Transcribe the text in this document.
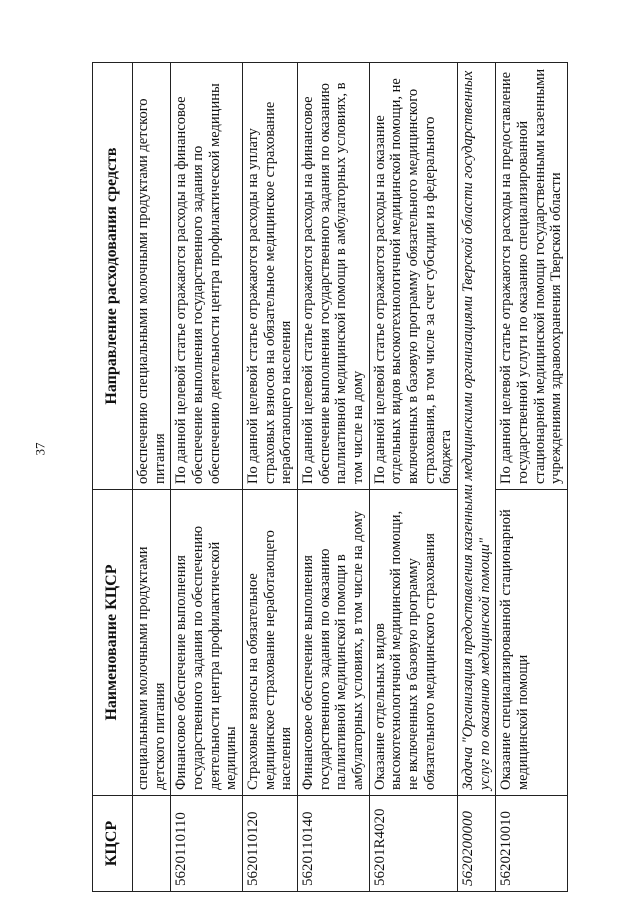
37
КЦСР	Наименование КЦСР	Направление расходования средств
	специальными молочными продуктами детского питания	обеспечению специальными молочными продуктами детского питания
5620110110	Финансовое обеспечение выполнения государственного задания по обеспечению деятельности центра профилактической медицины	По данной целевой статье отражаются расходы на финансовое обеспечение выполнения государственного задания по обеспечению деятельности центра профилактической медицины
5620110120	Страховые взносы на обязательное медицинское страхование неработающего населения	По данной целевой статье отражаются расходы на уплату страховых взносов на обязательное медицинское страхование неработающего населения
5620110140	Финансовое обеспечение выполнения государственного задания по оказанию паллиативной медицинской помощи в амбулаторных условиях, в том числе на дому	По данной целевой статье отражаются расходы на финансовое обеспечение выполнения государственного задания по оказанию паллиативной медицинской помощи в амбулаторных условиях, в том числе на дому
56201R4020	Оказание отдельных видов высокотехнологичной медицинской помощи, не включенных в базовую программу обязательного медицинского страхования	По данной целевой статье отражаются расходы на оказание отдельных видов высокотехнологичной медицинской помощи, не включенных в базовую программу обязательного медицинского страхования, в том числе за счет субсидии из федерального бюджета
5620200000	Задача "Организация предоставления казенными медицинскими организациями Тверской области государственных услуг по оказанию медицинской помощи"	
5620210010	Оказание специализированной стационарной медицинской помощи	По данной целевой статье отражаются расходы на предоставление государственной услуги по оказанию специализированной стационарной медицинской помощи государственными казенными учреждениями здравоохранения Тверской области
